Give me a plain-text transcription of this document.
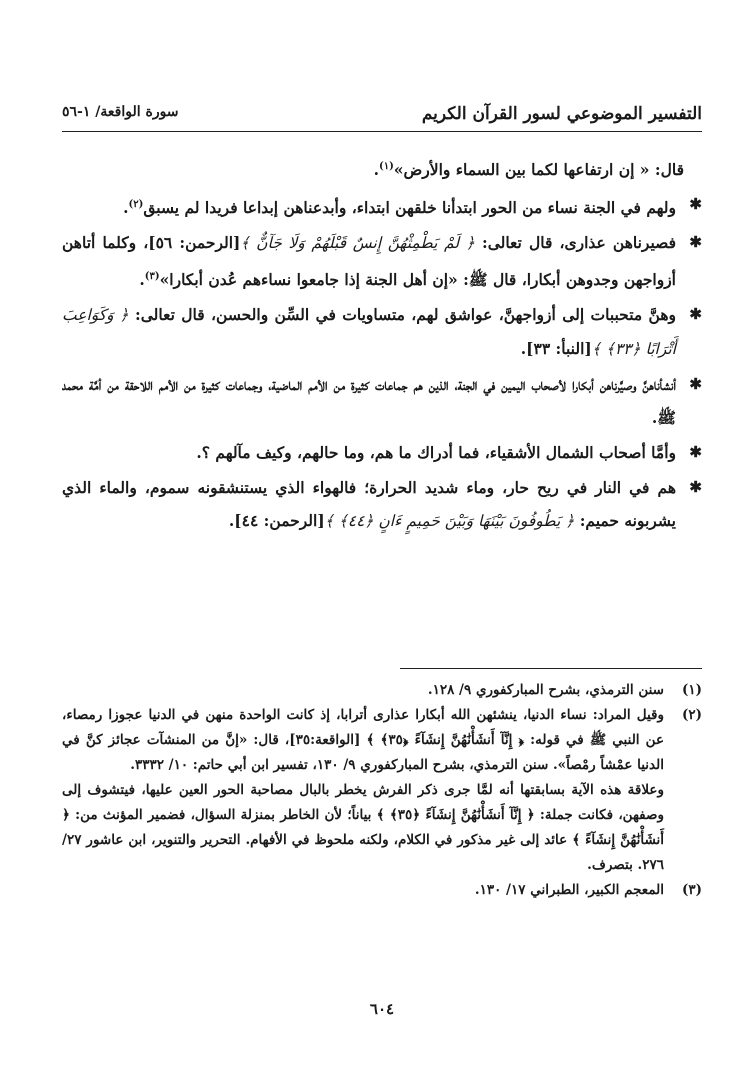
التفسير الموضوعي لسور القرآن الكريم
سورة الواقعة/ ١-٥٦
قال: « إن ارتفاعها لكما بين السماء والأرض»$^{(١)}$.
✱
ولهم في الجنة نساء من الحور ابتدأنا خلقهن ابتداء، وأبدعناهن إبداعا فريدا لم يسبق$^{(٢)}$.
✱
فصيرناهن عذارى، قال تعالى: ﴿ لَمْ يَطْمِثْهُنَّ إِنسٌ قَبْلَهُمْ وَلَا جَآنٌّ ﴾[الرحمن: ٥٦]، وكلما أتاهن أزواجهن وجدوهن أبكارا، قال ﷺ: «إن أهل الجنة إذا جامعوا نساءهم عُدن أبكارا»$^{(٣)}$.
✱
وهنَّ متحببات إلى أزواجهنَّ، عواشق لهم، متساويات في السِّن والحسن، قال تعالى: ﴿ وَكَوَاعِبَ أَتْرَابًا ﴿٣٣﴾ ﴾[النبأ: ٣٣].
✱
أنشأناهنَّ وصيَّرناهن أبكارا لأصحاب اليمين في الجنة، الذين هم جماعات كثيرة من الأمم الماضية، وجماعات كثيرة من الأمم اللاحقة من أمَّة محمد ﷺ.
✱
وأمَّا أصحاب الشمال الأشقياء، فما أدراك ما هم، وما حالهم، وكيف مآلهم ؟.
✱
هم في النار في ريح حار، وماء شديد الحرارة؛ فالهواء الذي يستنشقونه سموم، والماء الذي يشربونه حميم: ﴿ يَطُوفُونَ بَيْنَهَا وَبَيْنَ حَمِيمٍ ءَانٍ ﴿٤٤﴾ ﴾[الرحمن: ٤٤].
(١)
سنن الترمذي، بشرح المباركفوري ٩/ ١٢٨.
(٢)
وقيل المراد: نساء الدنيا، ينشئهن الله أبكارا عذارى أترابا، إذ كانت الواحدة منهن في الدنيا عجوزا رمصاء، عن النبي ﷺ في قوله: ﴿ إِنَّآ أَنشَأْنَٰهُنَّ إِنشَآءً ﴿٣٥﴾ ﴾ [الواقعة:٣٥]، قال: «إنَّ من المنشآت عجائز كنَّ في الدنيا عمْشاً رمْصاً». سنن الترمذي، بشرح المباركفوري ٩/ ١٣٠، تفسير ابن أبي حاتم: ١٠/ ٣٣٣٢.
وعلاقة هذه الآية بسابقتها أنه لمَّا جرى ذكر الفرش يخطر بالبال مصاحبة الحور العين عليها، فيتشوف إلى وصفهن، فكانت جملة: ﴿ إِنَّآ أَنشَأْنَٰهُنَّ إِنشَآءً ﴿٣٥﴾ ﴾ بياناً؛ لأن الخاطر بمنزلة السؤال، فضمير المؤنث من: ﴿ أَنشَأْنَٰهُنَّ إِنشَآءً ﴾ عائد إلى غير مذكور في الكلام، ولكنه ملحوظ في الأفهام. التحرير والتنوير، ابن عاشور ٢٧/ ٢٧٦. بتصرف.
(٣)
المعجم الكبير، الطبراني ١٧/ ١٣٠.
٦٠٤
